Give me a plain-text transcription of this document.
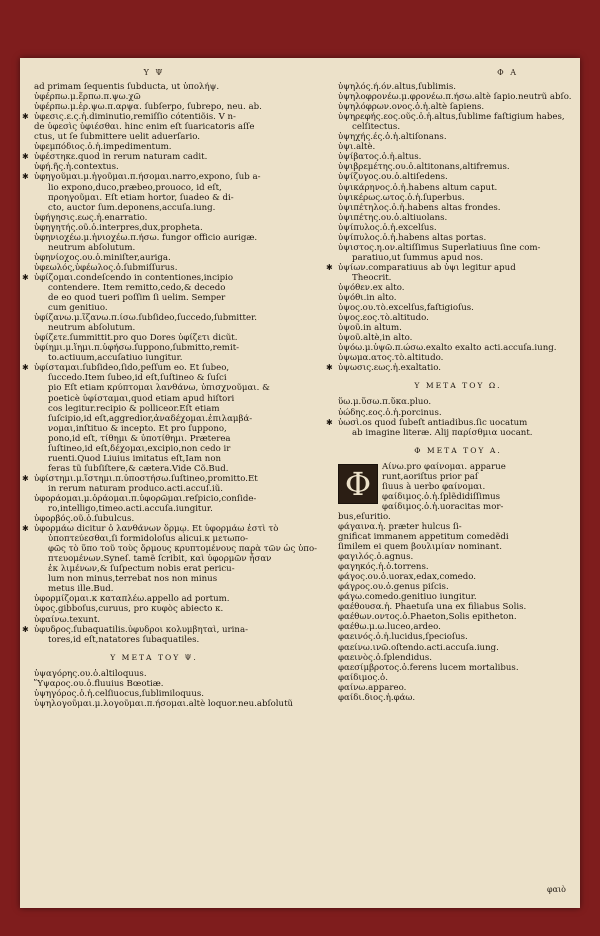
Υ Ψ
ad primam ſequentis ſubducta, ut ὑπολήψ.
ὑφέρπω.μ.ἕρπω.π.ψω.χῶ
ὑφέρπω.μ.ἑρ.ψω.π.αρψα. ſubſerpo, ſubrepo, neu. ab.
✱ ὑφεσις.ε.ς.ἡ.diminutio,remiſſio cótentiõis. V n-
de ὑφεσὶς ὑφιέσθαι. hinc enim eſt ſuaricatoris aſſe
ctus, ut ſe ſubmittere uelit aduerſario.
ὑφεμπόδιος.ὁ.ἡ.impedimentum.
✱ ὑφέστηκε.quod in rerum naturam cadit.
ὑφή.ῆς.ἡ.contextus.
✱ ὑφηγοῦμαι.μ.ἡγοῦμαι.π.ήσομαι.narro,expono, ſub a-
lio expono,duco,præbeo,prouoco, id eſt,
προηγοῦμαι. Eſt etiam hortor, ſuadeo & di-
cto, auctor ſum.deponens,accuſa.iung.
ὑφήγησις.εως.ἡ.enarratio.
ὑφηγητής.οῦ.ὁ.interpres,dux,propheta.
ὑφηνιοχέω.μ.ἡνιοχέω.π.ήσω. fungor officio aurigæ.
neutrum abſolutum.
ὑφηνίοχος.ου.ὁ.miniſter,auriga.
ὑφεωλός,ὑφέωλος.ὁ.ſubmiſſurus.
✱ ὑφίζομαι.condeſcendo in contentiones,incipio
contendere. Item remitto,cedo,& decedo
de eo quod tueri poſſim ſi uelim. Semper
cum genitiuo.
ὑφίζανω.μ.ἵζανω.π.ίσω.ſubſideo,ſuccedo,ſubmitter.
neutrum abſolutum.
ὑφίζετε.ſummittit.pro quo Dores ὑφίζετι dicũt.
ὑφίημι.μ.ἵημι.π.ὑφήσω.ſuppono,ſubmitto,remit-
to.actiuum,accuſatiuo iungitur.
✱ ὑφίσταμαι.ſubſideo,ſido,peſſum eo. Et ſubeo,
ſuccedo.Item ſubeo,id eſt,ſuſtineo & ſuſci
pio Eſt etiam κρύπτομαι λανθάνω, ὑπισχνοῦμαι. &
poeticè ὑφίσταμαι,quod etiam apud hiſtori
cos legitur.recipio & polliceor.Eſt etiam
ſuſcipio,id eſt,aggredior,ἀναδέχομαι.ἐπιλαμβά-
νομαι,inſtituo & incepto. Et pro ſuppono,
pono,id eſt, τίθημι & ὑποτίθημι. Præterea
ſuſtineo,id eſt,δέχομαι,excipio,non cedo ir
ruenti.Quod Liuius imitatus eſt,Iam non
feras tũ ſubſiſtere,& cætera.Vide Cõ.Bud.
✱ ὑφίστημι.μ.ἵστημι.π.ὑποστήσω.ſuſtineo,promitto.Et
in rerum naturam produco.acti.accuſ.iũ.
ὑφοράομαι.μ.ὁράομαι.π.ὑφορῶμαι.reſpicio,conſide-
ro,intelligo,timeo.acti.accuſa.iungitur.
ὑφορβός.οῦ.ὁ.ſubulcus.
✱ ὑφορμάω dicitur ὁ λανθάνων ὅρμῳ. Et ὑφορμάω ἐστὶ τὸ
ὑποπτεύεσθαι,ſi formidoloſus alicui.κ μετωπο-
φῶς τὸ ὕπο τοῦ τοὺς ὄρμους κρυπτομένους παρὰ τῶν ὡς ὑπο-
πτευομένων.Syneſ. tamẽ ſcribit, καὶ ὑφορμῶν ἦσαν
ἐκ λιμένων,& ſuſpectum nobis erat pericu-
lum non minus,terrebat nos non minus
metus ille.Bud.
ὑφορμίζομαι.κ καταπλέω.appello ad portum.
ὑφος.gibboſus,curuus, pro κυφὸς abiecto κ.
ὑφαίνω.texunt.
✱ ὑφυδρος.ſubaquatilis.ὑφυδροι κολυμβηταὶ, urina-
tores,id eſt,natatores ſubaquatiles.
Υ ΜΕΤΑ ΤΟΥ Ψ.
ὑψαγόρης.ου.ὁ.altiloquus.
Ὕψαρος.ου.ὁ.fluuius Bœotiæ.
ὑψηγόρος.ὁ.ἡ.celſiuocus,ſublimiloquus.
ὑψηλογοῦμαι.μ.λογοῦμαι.π.ήσομαι.altè loquor.neu.abſolutũ
Φ Α
ὑψηλός.ή.όν.altus,ſublimis.
ὑψηλοφρονέω.μ.φρονέω.π.ήσω.altè ſapio.neutrũ abſo.
ὑψηλόφρων.ονος.ὁ.ἡ.altè ſapiens.
ὑψηρεφής.εος.οῦς.ὁ.ἡ.altus,ſublime faſtigium habes,
celſitectus.
ὑψηχής.ές.ὁ.ἡ.altiſonans.
ὑψι.altè.
ὑψίβατος.ὁ.ἡ.altus.
ὑψιβρεμέτης.ου.ὁ.altitonans,altifremus.
ὑψίζυγος.ου.ὁ.altiſedens.
ὑψικάρηνος.ὁ.ἡ.habens altum caput.
ὑψικέρως.ωτος.ὁ.ἡ.ſuperbus.
ὑψιπέτηλος.ὁ.ἡ.habens altas frondes.
ὑψιπέτης.ου.ὁ.altiuolans.
ὑψίπυλος.ὁ.ἡ.excelſus.
ὑψίπυλος.ὁ.ἡ.habens altas portas.
ὑψιστος.η.ον.altiſſimus Superlatiuus ſine com-
paratiuo,ut ſummus apud nos.
✱ ὑψίων.comparatiuus ab ὑψι legitur apud
Theocrit.
ὑψόθεν.ex alto.
ὑψόθι.in alto.
ὑψος.ου.τὸ.excelſus,faſtigioſus.
ὑψος.εος.τὸ.altitudo.
ὑψοῦ.in altum.
ὑψοῦ.altè,in alto.
ὑψόω.μ.ὑψῶ.π.ώσω.exalto exalto acti.accuſa.iung.
ὑψωμα.ατος.τὸ.altitudo.
✱ ὑψωσις.εως.ἡ.exaltatio.
Υ ΜΕΤΑ ΤΟΥ Ω.
ὕω.μ.ὕσω.π.ὕκα.pluo.
ὑώδης.εος.ὁ.ἡ.porcinus.
✱ ὑωσὶ.os quod ſubeſt antiadibus.ſic uocatum
ab imagine literæ. Alij παρίσθμια uocant.
Φ ΜΕΤΑ ΤΟΥ Α.
Φ	Αίνω.pro φαίνομαι. apparue
runt,aoriſtus prior paſ
ſiuus à uerbo φαίνομαι.
φαίδιμος.ὁ.ἡ.ſplẽdidiſſimus
φαίδιμος.ὁ.ἡ.uoracitas mor-
bus,eſuritio.
φάγαινα.ἡ. præter hulcus ſi-
gnificat immanem appetitum comedẽdi
ſimilem ei quem βουλιμίαν nominant.
φαγιλός.ὁ.agnus.
φαγηκός.ἡ.ὁ.torrens.
φάγος.ου.ὁ.uorax,edax,comedo.
φάγρος.ου.ὁ.genus piſcis.
φάγω.comedo.genitiuo iungitur.
φαέθουσα.ἡ. Phaetuſa una ex filiabus Solis.
φαέθων.οντος.ὁ.Phaeton,Solis epitheton.
φαέθω.μ.ω.luceo,ardeo.
φαεινός.ὁ.ἡ.lucidus,ſpecioſus.
φαείνω.ινῶ.oſtendo.acti.accuſa.iung.
φαεινὸς.ὁ.ſplendidus.
φαεσίμβροτος.ὁ.ferens lucem mortalibus.
φαίδιμος.ὁ.
φαίνω.appareo.
φαίδι.διος.ἡ.φάω.
φαιὸ
